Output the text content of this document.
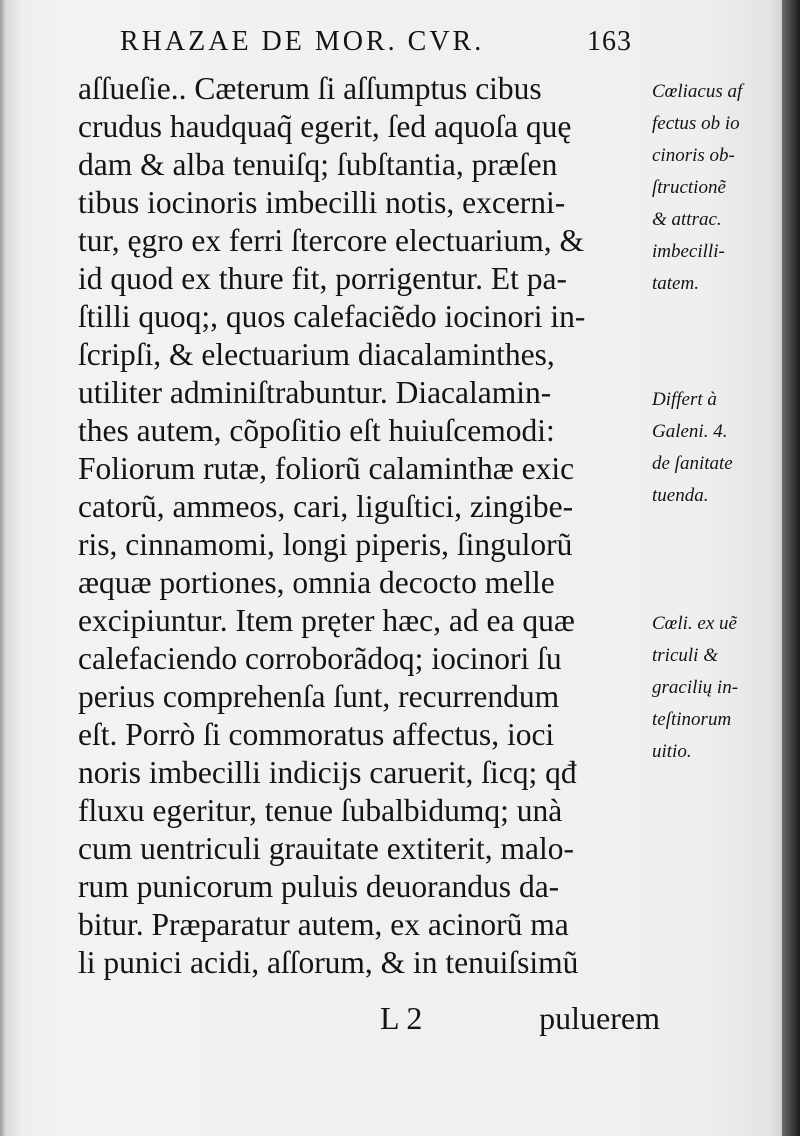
RHAZAE DE MOR. CVR.	163
aſſueſie.. Cæterum ſi aſſumptus cibus
crudus haudquaq̃ egerit, ſed aquoſa quę
dam & alba tenuiſq; ſubſtantia, præſen
tibus iocinoris imbecilli notis, excerni-
tur, ęgro ex ferri ſtercore electuarium, &
id quod ex thure fit, porrigentur. Et pa-
ſtilli quoq;, quos calefaciẽdo iocinori in-
ſcripſi, & electuarium diacalaminthes,
utiliter adminiſtrabuntur. Diacalamin-
thes autem, cõpoſitio eſt huiuſcemodi:
Foliorum rutæ, foliorũ calaminthæ exic
catorũ, ammeos, cari, liguſtici, zingibe-
ris, cinnamomi, longi piperis, ſingulorũ
æquæ portiones, omnia decocto melle
excipiuntur. Item pręter hæc, ad ea quæ
calefaciendo corroborãdoq; iocinori ſu
perius comprehenſa ſunt, recurrendum
eſt. Porrò ſi commoratus affectus, ioci
noris imbecilli indicijs caruerit, ſicq; qđ
fluxu egeritur, tenue ſubalbidumq; unà
cum uentriculi grauitate extiterit, malo-
rum punicorum puluis deuorandus da-
bitur. Præparatur autem, ex acinorũ ma
li punici acidi, aſſorum, & in tenuiſsimũ
Cœliacus af
fectus ob io
cinoris ob-
ſtructionẽ
& attrac.
imbecilli-
tatem.
Differt à
Galeni. 4.
de ſanitate
tuenda.
Cœli. ex uẽ
triculi &
gracilių in-
teſtinorum
uitio.
L 2	puluerem
